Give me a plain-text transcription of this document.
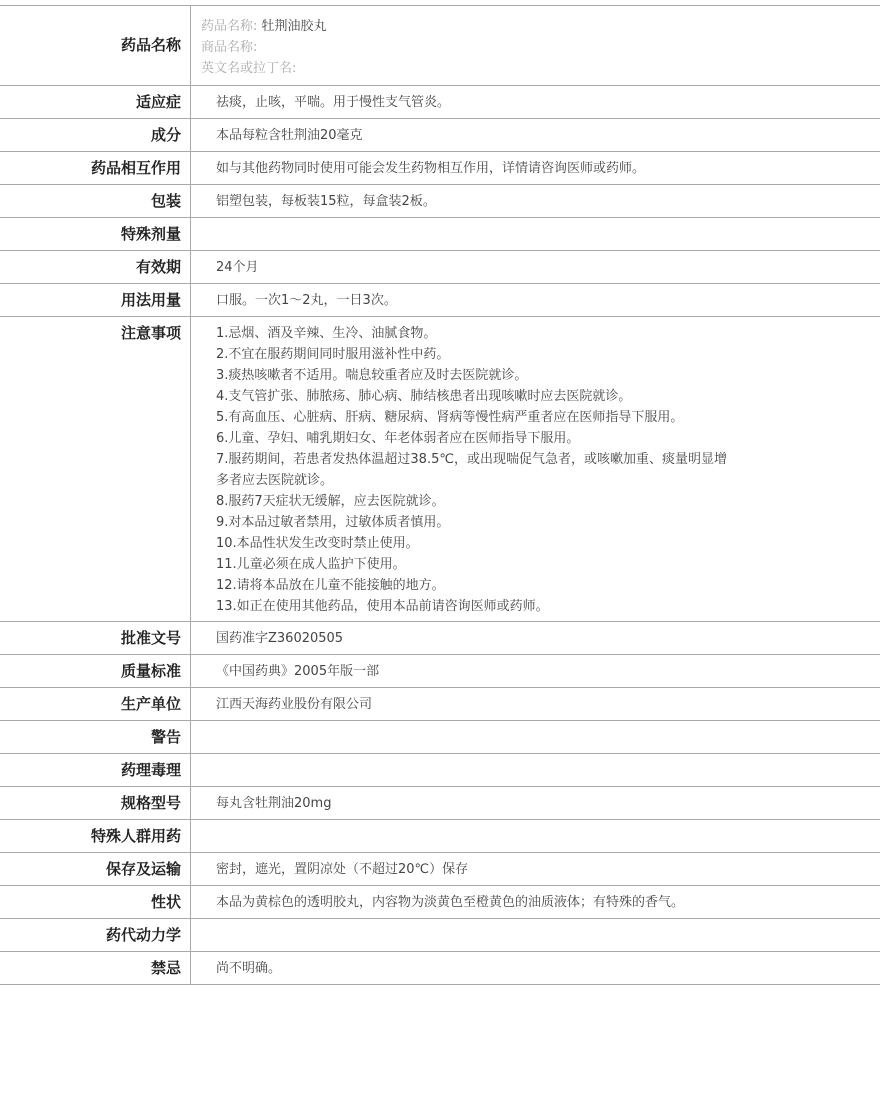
药品名称
药品名称: 牡荆油胶丸
商品名称:
英文名或拉丁名:
适应症	祛痰，止咳，平喘。用于慢性支气管炎。
成分	本品每粒含牡荆油20毫克
药品相互作用	如与其他药物同时使用可能会发生药物相互作用，详情请咨询医师或药师。
包装	铝塑包装，每板装15粒，每盒装2板。
特殊剂量
有效期	24个月
用法用量	口服。一次1～2丸，一日3次。
注意事项	1.忌烟、酒及辛辣、生冷、油腻食物。
2.不宜在服药期间同时服用滋补性中药。
3.痰热咳嗽者不适用。喘息较重者应及时去医院就诊。
4.支气管扩张、肺脓疡、肺心病、肺结核患者出现咳嗽时应去医院就诊。
5.有高血压、心脏病、肝病、糖尿病、肾病等慢性病严重者应在医师指导下服用。
6.儿童、孕妇、哺乳期妇女、年老体弱者应在医师指导下服用。
7.服药期间，若患者发热体温超过38.5℃，或出现喘促气急者，或咳嗽加重、痰量明显增多者应去医院就诊。
8.服药7天症状无缓解，应去医院就诊。
9.对本品过敏者禁用，过敏体质者慎用。
10.本品性状发生改变时禁止使用。
11.儿童必须在成人监护下使用。
12.请将本品放在儿童不能接触的地方。
13.如正在使用其他药品，使用本品前请咨询医师或药师。
批准文号	国药准字Z36020505
质量标准	《中国药典》2005年版一部
生产单位	江西天海药业股份有限公司
警告
药理毒理
规格型号	每丸含牡荆油20mg
特殊人群用药
保存及运输	密封，遮光，置阴凉处（不超过20℃）保存
性状	本品为黄棕色的透明胶丸，内容物为淡黄色至橙黄色的油质液体；有特殊的香气。
药代动力学
禁忌	尚不明确。
